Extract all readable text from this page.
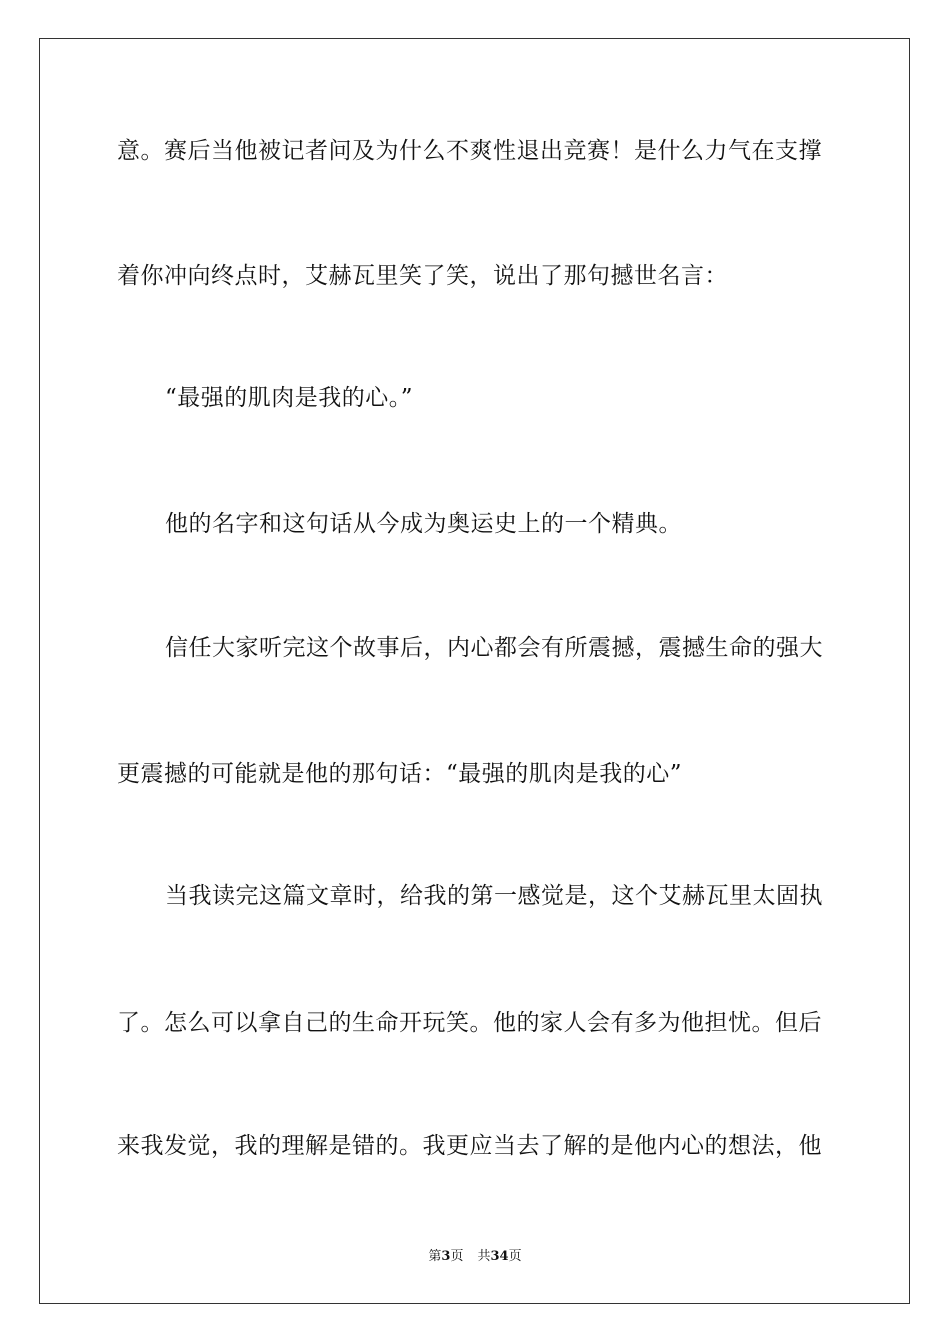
意。赛后当他被记者问及为什么不爽性退出竞赛！是什么力气在支撑
着你冲向终点时，艾赫瓦里笑了笑，说出了那句撼世名言：
“最强的肌肉是我的心。”
他的名字和这句话从今成为奥运史上的一个精典。
信任大家听完这个故事后，内心都会有所震撼，震撼生命的强大
更震撼的可能就是他的那句话：“最强的肌肉是我的心”
当我读完这篇文章时，给我的第一感觉是，这个艾赫瓦里太固执
了。怎么可以拿自己的生命开玩笑。他的家人会有多为他担忧。但后
来我发觉，我的理解是错的。我更应当去了解的是他内心的想法，他
第3页 共34页
